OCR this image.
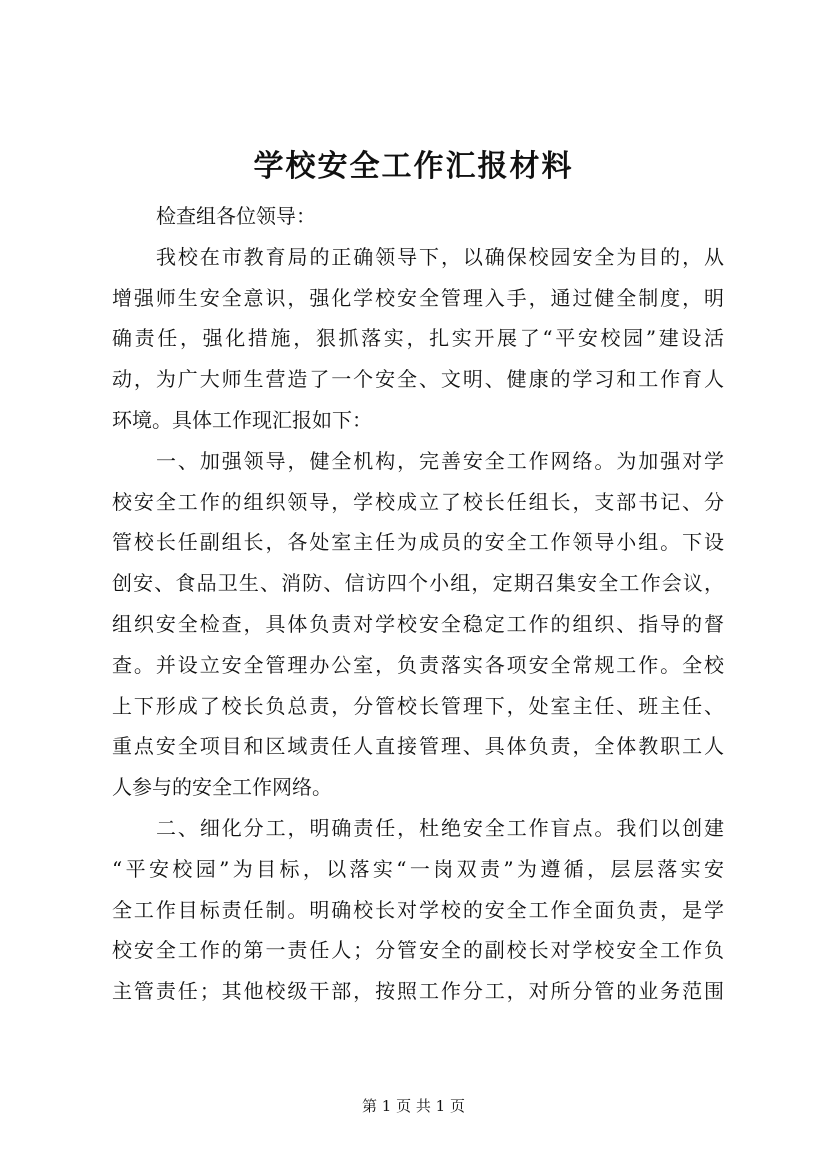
学校安全工作汇报材料
检查组各位领导：
我校在市教育局的正确领导下，以确保校园安全为目的，从
增强师生安全意识，强化学校安全管理入手，通过健全制度，明
确责任，强化措施，狠抓落实，扎实开展了“平安校园”建设活
动，为广大师生营造了一个安全、文明、健康的学习和工作育人
环境。具体工作现汇报如下：
一、加强领导，健全机构，完善安全工作网络。为加强对学
校安全工作的组织领导，学校成立了校长任组长，支部书记、分
管校长任副组长，各处室主任为成员的安全工作领导小组。下设
创安、食品卫生、消防、信访四个小组，定期召集安全工作会议，
组织安全检查，具体负责对学校安全稳定工作的组织、指导的督
查。并设立安全管理办公室，负责落实各项安全常规工作。全校
上下形成了校长负总责，分管校长管理下，处室主任、班主任、
重点安全项目和区域责任人直接管理、具体负责，全体教职工人
人参与的安全工作网络。
二、细化分工，明确责任，杜绝安全工作盲点。我们以创建
“平安校园”为目标，以落实“一岗双责”为遵循，层层落实安
全工作目标责任制。明确校长对学校的安全工作全面负责，是学
校安全工作的第一责任人；分管安全的副校长对学校安全工作负
主管责任；其他校级干部，按照工作分工，对所分管的业务范围

第 1 页 共 1 页
